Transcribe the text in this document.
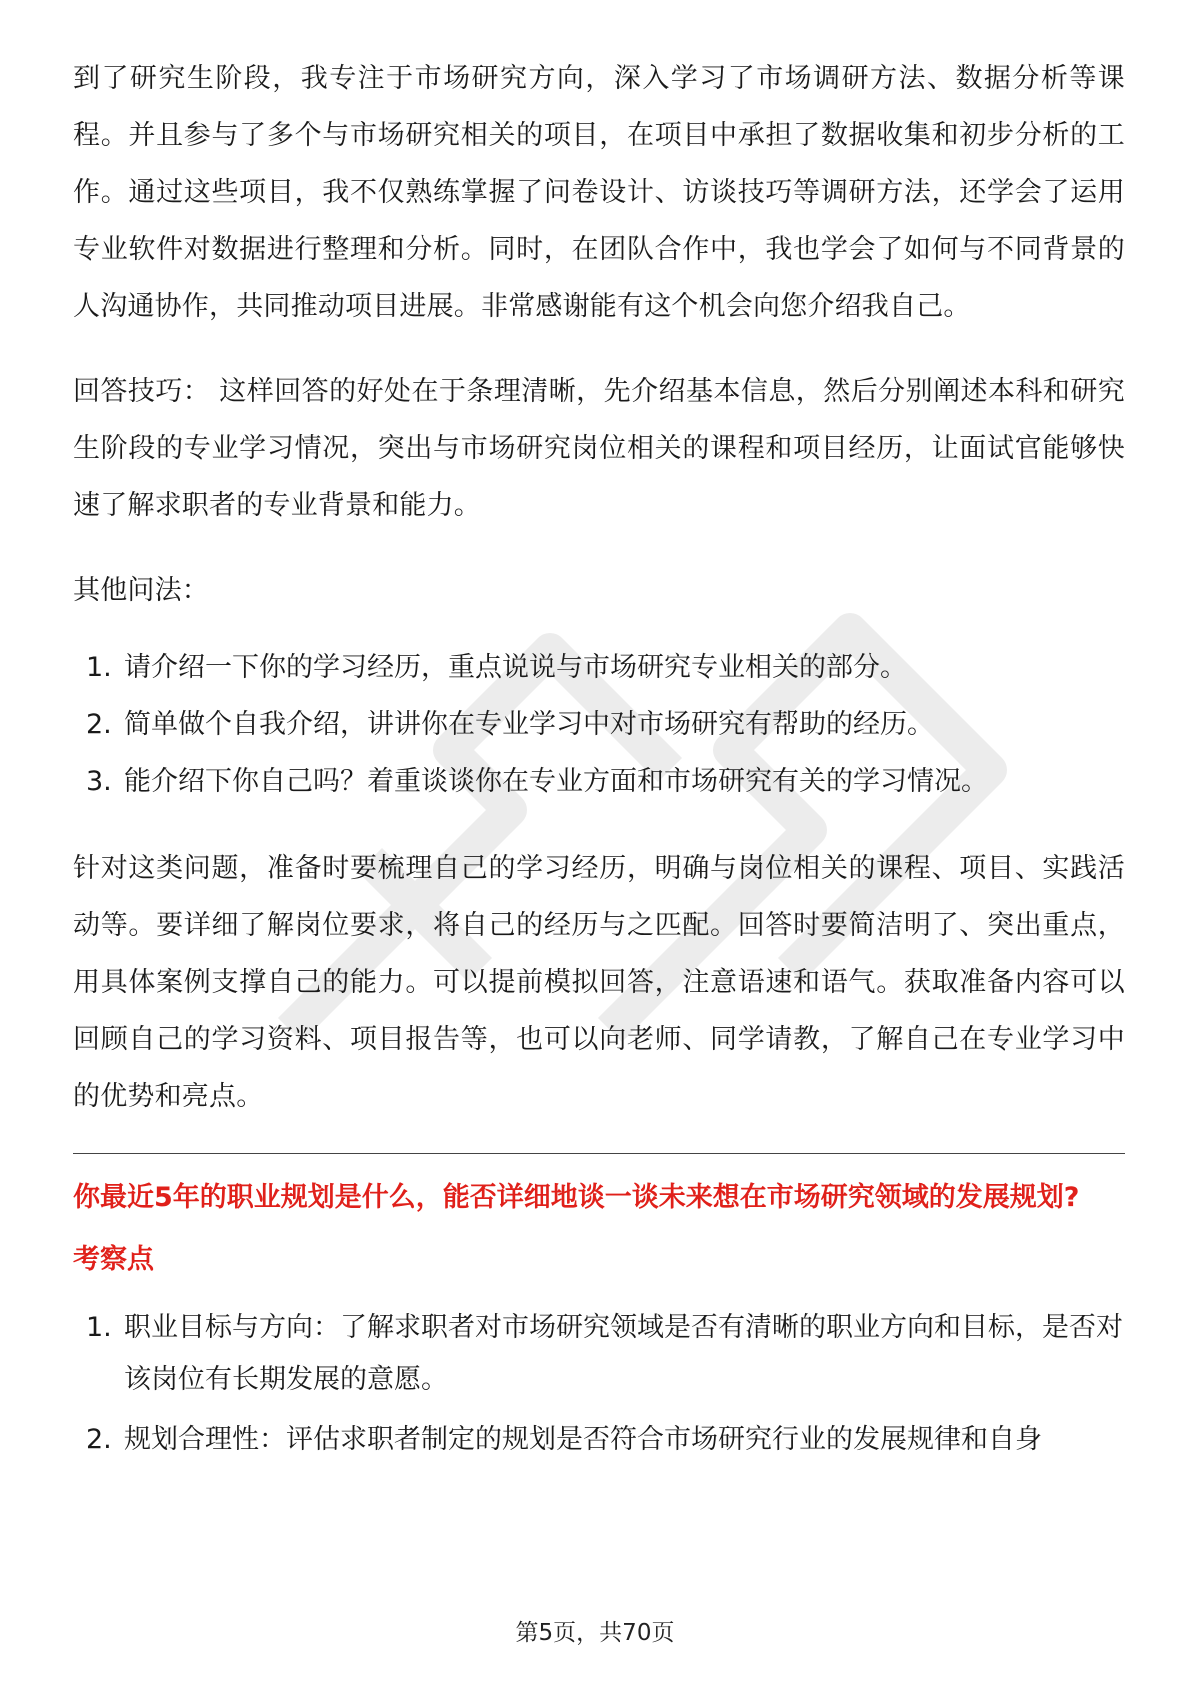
到了研究生阶段，我专注于市场研究方向，深入学习了市场调研方法、数据分析等课程。并且参与了多个与市场研究相关的项目，在项目中承担了数据收集和初步分析的工作。通过这些项目，我不仅熟练掌握了问卷设计、访谈技巧等调研方法，还学会了运用专业软件对数据进行整理和分析。同时，在团队合作中，我也学会了如何与不同背景的人沟通协作，共同推动项目进展。非常感谢能有这个机会向您介绍我自己。

回答技巧： 这样回答的好处在于条理清晰，先介绍基本信息，然后分别阐述本科和研究生阶段的专业学习情况，突出与市场研究岗位相关的课程和项目经历，让面试官能够快速了解求职者的专业背景和能力。

其他问法：

1. 请介绍一下你的学习经历，重点说说与市场研究专业相关的部分。
2. 简单做个自我介绍，讲讲你在专业学习中对市场研究有帮助的经历。
3. 能介绍下你自己吗？着重谈谈你在专业方面和市场研究有关的学习情况。

针对这类问题，准备时要梳理自己的学习经历，明确与岗位相关的课程、项目、实践活动等。要详细了解岗位要求，将自己的经历与之匹配。回答时要简洁明了、突出重点，用具体案例支撑自己的能力。可以提前模拟回答，注意语速和语气。获取准备内容可以回顾自己的学习资料、项目报告等，也可以向老师、同学请教，了解自己在专业学习中的优势和亮点。

你最近5年的职业规划是什么，能否详细地谈一谈未来想在市场研究领域的发展规划?
考察点
1. 职业目标与方向：了解求职者对市场研究领域是否有清晰的职业方向和目标，是否对该岗位有长期发展的意愿。
2. 规划合理性：评估求职者制定的规划是否符合市场研究行业的发展规律和自身
第5页，共70页
